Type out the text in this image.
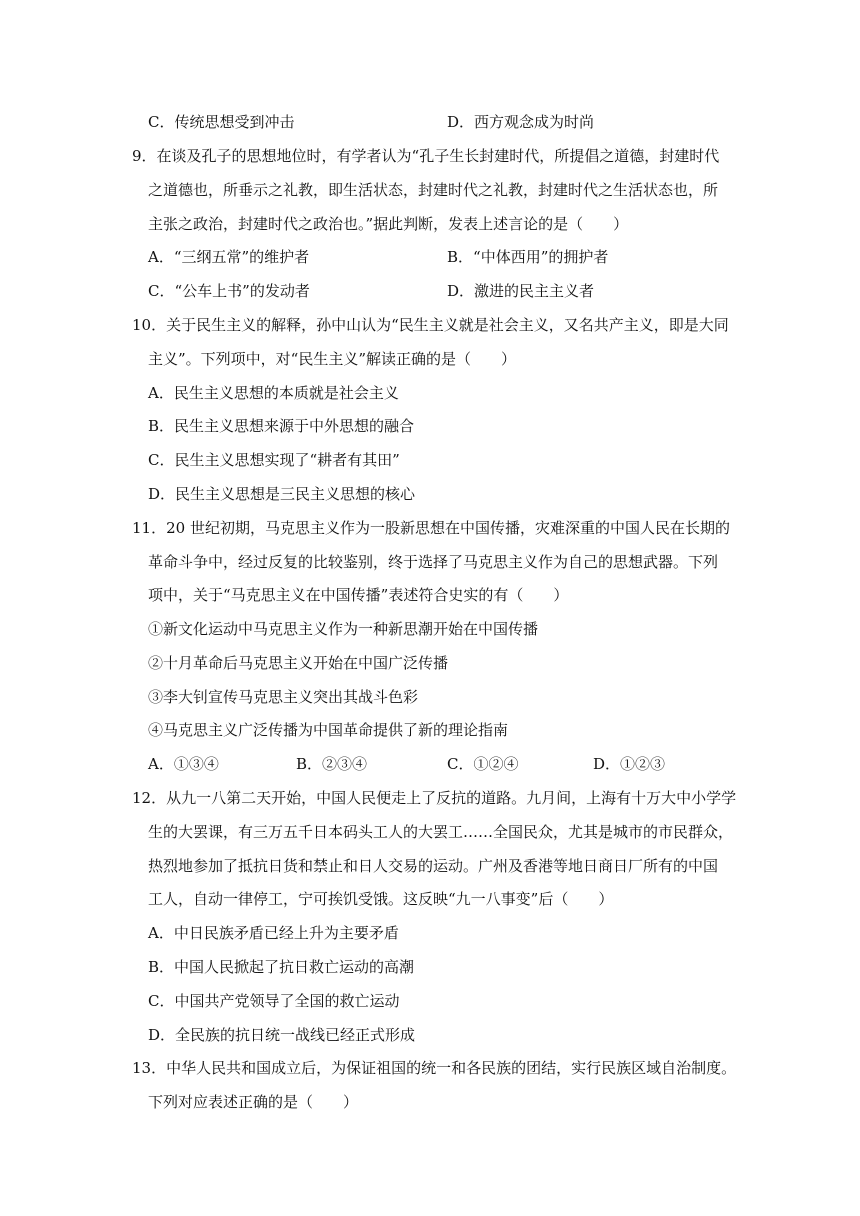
C．传统思想受到冲击	D．西方观念成为时尚
9．在谈及孔子的思想地位时，有学者认为“孔子生长封建时代，所提倡之道德，封建时代
之道德也，所垂示之礼教，即生活状态，封建时代之礼教，封建时代之生活状态也，所
主张之政治，封建时代之政治也。”据此判断，发表上述言论的是（　　）
A．“三纲五常”的维护者	B．“中体西用”的拥护者
C．“公车上书”的发动者	D．激进的民主主义者
10．关于民生主义的解释，孙中山认为“民生主义就是社会主义，又名共产主义，即是大同
主义”。下列项中，对“民生主义”解读正确的是（　　）
A．民生主义思想的本质就是社会主义
B．民生主义思想来源于中外思想的融合
C．民生主义思想实现了“耕者有其田”
D．民生主义思想是三民主义思想的核心
11．20 世纪初期，马克思主义作为一股新思想在中国传播，灾难深重的中国人民在长期的
革命斗争中，经过反复的比较鉴别，终于选择了马克思主义作为自己的思想武器。下列
项中，关于“马克思主义在中国传播”表述符合史实的有（　　）
①新文化运动中马克思主义作为一种新思潮开始在中国传播
②十月革命后马克思主义开始在中国广泛传播
③李大钊宣传马克思主义突出其战斗色彩
④马克思主义广泛传播为中国革命提供了新的理论指南
A．①③④	B．②③④	C．①②④	D．①②③
12．从九一八第二天开始，中国人民便走上了反抗的道路。九月间，上海有十万大中小学学
生的大罢课，有三万五千日本码头工人的大罢工……全国民众，尤其是城市的市民群众，
热烈地参加了抵抗日货和禁止和日人交易的运动。广州及香港等地日商日厂所有的中国
工人，自动一律停工，宁可挨饥受饿。这反映“九一八事变”后（　　）
A．中日民族矛盾已经上升为主要矛盾
B．中国人民掀起了抗日救亡运动的高潮
C．中国共产党领导了全国的救亡运动
D．全民族的抗日统一战线已经正式形成
13．中华人民共和国成立后，为保证祖国的统一和各民族的团结，实行民族区域自治制度。
下列对应表述正确的是（　　）
